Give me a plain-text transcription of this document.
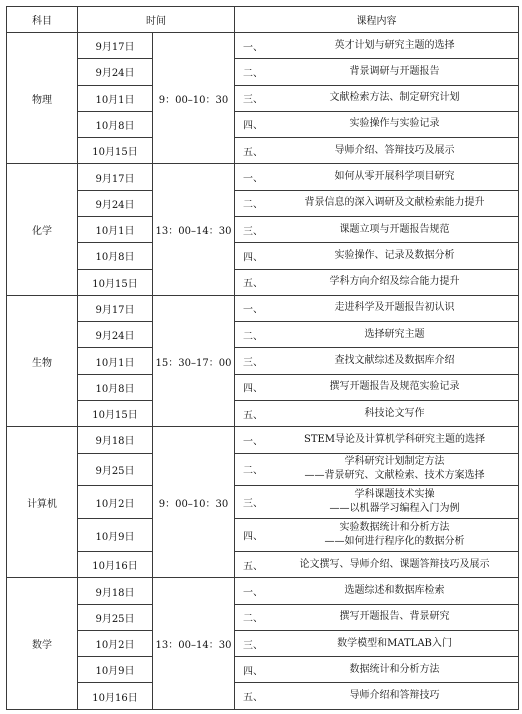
科目	时间		课程内容
物理	9月17日	9：00–10：30	一、 英才计划与研究主题的选择

	9月24日		二、 背景调研与开题报告

	10月1日		三、 文献检索方法、制定研究计划

	10月8日		四、 实验操作与实验记录

	10月15日		五、 导师介绍、答辩技巧及展示

化学	9月17日	13：00–14：30	一、 如何从零开展科学项目研究

	9月24日		二、 背景信息的深入调研及文献检索能力提升

	10月1日		三、 课题立项与开题报告规范

	10月8日		四、 实验操作、记录及数据分析

	10月15日		五、 学科方向介绍及综合能力提升

生物	9月17日	15：30–17：00	一、 走进科学及开题报告初认识

	9月24日		二、 选择研究主题

	10月1日		三、 查找文献综述及数据库介绍

	10月8日		四、 撰写开题报告及规范实验记录

	10月15日		五、 科技论文写作

计算机	9月18日	9：00–10：30	一、 STEM导论及计算机学科研究主题的选择

	9月25日		二、
学科研究计划制定方法
——背景研究、文献检索、技术方案选择

	10月2日		三、
学科课题技术实操
——以机器学习编程入门为例

	10月9日		四、
实验数据统计和分析方法
——如何进行程序化的数据分析

	10月16日		五、 论文撰写、导师介绍、课题答辩技巧及展示

数学	9月18日	13：00–14：30	一、 选题综述和数据库检索

	9月25日		二、 撰写开题报告、背景研究

	10月2日		三、 数学模型和MATLAB入门

	10月9日		四、 数据统计和分析方法

	10月16日		五、 导师介绍和答辩技巧
